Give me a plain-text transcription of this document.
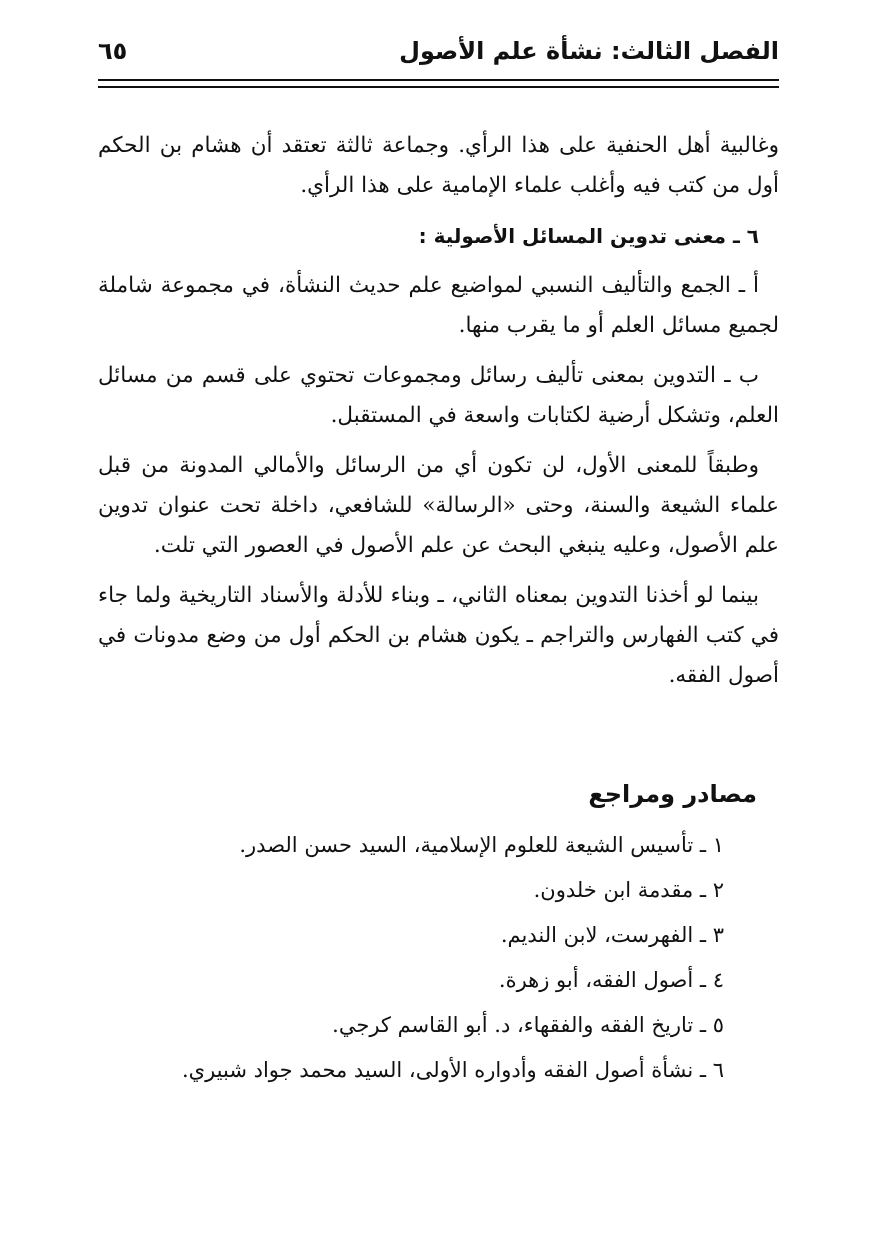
الفصل الثالث: نشأة علم الأصول
٦٥

وغالبية أهل الحنفية على هذا الرأي. وجماعة ثالثة تعتقد أن هشام بن الحكم أول من كتب فيه وأغلب علماء الإمامية على هذا الرأي.

٦ ـ معنى تدوين المسائل الأصولية :

أ ـ الجمع والتأليف النسبي لمواضيع علم حديث النشأة، في مجموعة شاملة لجميع مسائل العلم أو ما يقرب منها.

ب ـ التدوين بمعنى تأليف رسائل ومجموعات تحتوي على قسم من مسائل العلم، وتشكل أرضية لكتابات واسعة في المستقبل.

وطبقاً للمعنى الأول، لن تكون أي من الرسائل والأمالي المدونة من قبل علماء الشيعة والسنة، وحتى «الرسالة» للشافعي، داخلة تحت عنوان تدوين علم الأصول، وعليه ينبغي البحث عن علم الأصول في العصور التي تلت.

بينما لو أخذنا التدوين بمعناه الثاني، ـ وبناء للأدلة والأسناد التاريخية ولما جاء في كتب الفهارس والتراجم ـ يكون هشام بن الحكم أول من وضع مدونات في أصول الفقه.

مصادر ومراجع
١ ـ تأسيس الشيعة للعلوم الإسلامية، السيد حسن الصدر.
٢ ـ مقدمة ابن خلدون.
٣ ـ الفهرست، لابن النديم.
٤ ـ أصول الفقه، أبو زهرة.
٥ ـ تاريخ الفقه والفقهاء، د. أبو القاسم كرجي.
٦ ـ نشأة أصول الفقه وأدواره الأولى، السيد محمد جواد شبيري.
